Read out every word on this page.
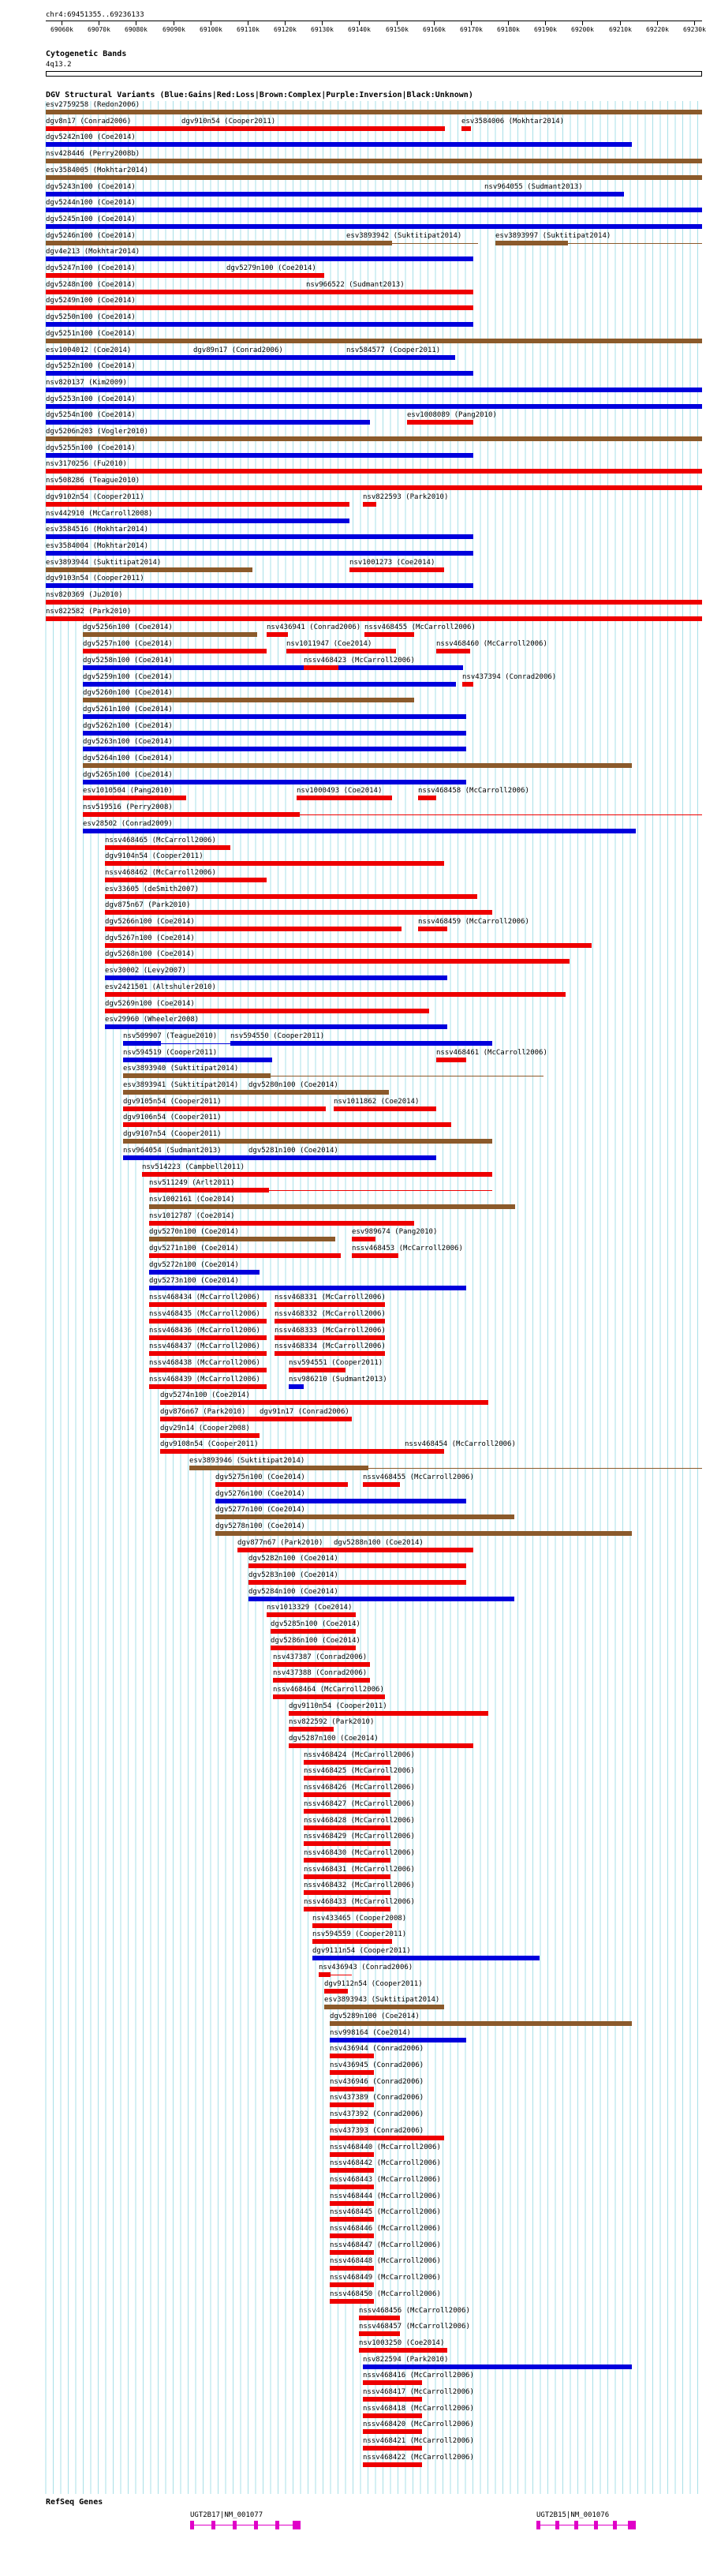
chr4:69451355..69236133
69060k 69070k 69080k 69090k 69100k 69110k 69120k 69130k 69140k 69150k 69160k 69170k 69180k 69190k 69200k 69210k 69220k 69230k
Cytogenetic Bands
4q13.2
DGV Structural Variants (Blue:Gains|Red:Loss|Brown:Complex|Purple:Inversion|Black:Unknown)
esv2759258 (Redon2006)
dgv8n17 (Conrad2006)	dgv910n54 (Cooper2011)	esv3584006 (Mokhtar2014)
dgv5242n100 (Coe2014)
nsv428446 (Perry2008b)
esv3584005 (Mokhtar2014)
dgv5243n100 (Coe2014)	nsv964055 (Sudmant2013)
dgv5244n100 (Coe2014)
dgv5245n100 (Coe2014)
dgv5246n100 (Coe2014)	esv3893942 (Suktitipat2014)	esv3893997 (Suktitipat2014)
dgv4e213 (Mokhtar2014)
dgv5247n100 (Coe2014)	dgv5279n100 (Coe2014)
dgv5248n100 (Coe2014)	nsv966522 (Sudmant2013)
dgv5249n100 (Coe2014)
dgv5250n100 (Coe2014)
dgv5251n100 (Coe2014)
esv1004012 (Coe2014)	dgv89n17 (Conrad2006)	nsv584577 (Cooper2011)
dgv5252n100 (Coe2014)
nsv820137 (Kim2009)
dgv5253n100 (Coe2014)
dgv5254n100 (Coe2014)	esv1008089 (Pang2010)
dgv5206n203 (Vogler2010)
dgv5255n100 (Coe2014)
nsv3170256 (Fu2010)
nsv508286 (Teague2010)
dgv9102n54 (Cooper2011)	nsv822593 (Park2010)
nsv442910 (McCarroll2008)
esv3584516 (Mokhtar2014)
esv3584004 (Mokhtar2014)
esv3893944 (Suktitipat2014)	nsv1001273 (Coe2014)
dgv9103n54 (Cooper2011)
nsv820369 (Ju2010)
nsv822582 (Park2010)
dgv5256n100 (Coe2014)	nsv436941 (Conrad2006) nssv468455 (McCarroll2006)
dgv5257n100 (Coe2014)	nsv1011947 (Coe2014)	nssv468460 (McCarroll2006)
dgv5258n100 (Coe2014)	nssv468423 (McCarroll2006)
dgv5259n100 (Coe2014)	nsv437394 (Conrad2006)
dgv5260n100 (Coe2014)
dgv5261n100 (Coe2014)
dgv5262n100 (Coe2014)
dgv5263n100 (Coe2014)
dgv5264n100 (Coe2014)
dgv5265n100 (Coe2014)
esv1010504 (Pang2010)	nsv1000493 (Coe2014)	nssv468458 (McCarroll2006)
nsv519516 (Perry2008)
esv28502 (Conrad2009)
nssv468465 (McCarroll2006)
dgv9104n54 (Cooper2011)
nssv468462 (McCarroll2006)
esv33605 (deSmith2007)
dgv875n67 (Park2010)
dgv5266n100 (Coe2014)	nssv468459 (McCarroll2006)
dgv5267n100 (Coe2014)
dgv5268n100 (Coe2014)
esv30002 (Levy2007)
esv2421501 (Altshuler2010)
dgv5269n100 (Coe2014)
esv29960 (Wheeler2008)
nsv509907 (Teague2010) nsv594550 (Cooper2011)
nsv594519 (Cooper2011)	nssv468461 (McCarroll2006)
esv3893940 (Suktitipat2014)
esv3893941 (Suktitipat2014) dgv5280n100 (Coe2014)
dgv9105n54 (Cooper2011)	nsv1011862 (Coe2014)
dgv9106n54 (Cooper2011)
dgv9107n54 (Cooper2011)
nsv964054 (Sudmant2013)	dgv5281n100 (Coe2014)
nsv514223 (Campbell2011)
nsv511249 (Arlt2011)
nsv1002161 (Coe2014)
nsv1012787 (Coe2014)
dgv5270n100 (Coe2014)	esv989674 (Pang2010)
dgv5271n100 (Coe2014)	nssv468453 (McCarroll2006)
dgv5272n100 (Coe2014)
dgv5273n100 (Coe2014)
nssv468434 (McCarroll2006) nssv468331 (McCarroll2006)
nssv468435 (McCarroll2006) nssv468332 (McCarroll2006)
nssv468436 (McCarroll2006) nssv468333 (McCarroll2006)
nssv468437 (McCarroll2006) nssv468334 (McCarroll2006)
nssv468438 (McCarroll2006)	nsv594551 (Cooper2011)
nssv468439 (McCarroll2006)	nsv986210 (Sudmant2013)
dgv5274n100 (Coe2014)
dgv876n67 (Park2010) dgv91n17 (Conrad2006)
dgv29n14 (Cooper2008)
dgv9108n54 (Cooper2011)	nssv468454 (McCarroll2006)
esv3893946 (Suktitipat2014)
dgv5275n100 (Coe2014)	nssv468455 (McCarroll2006)
dgv5276n100 (Coe2014)
dgv5277n100 (Coe2014)
dgv5278n100 (Coe2014)
dgv877n67 (Park2010) dgv5288n100 (Coe2014)
dgv5282n100 (Coe2014)
dgv5283n100 (Coe2014)
dgv5284n100 (Coe2014)
nsv1013329 (Coe2014)
dgv5285n100 (Coe2014)
dgv5286n100 (Coe2014)
nsv437387 (Conrad2006)
nsv437388 (Conrad2006)
nssv468464 (McCarroll2006)
dgv9110n54 (Cooper2011)
nsv822592 (Park2010)
dgv5287n100 (Coe2014)
nssv468424 (McCarroll2006)
nssv468425 (McCarroll2006)
nssv468426 (McCarroll2006)
nssv468427 (McCarroll2006)
nssv468428 (McCarroll2006)
nssv468429 (McCarroll2006)
nssv468430 (McCarroll2006)
nssv468431 (McCarroll2006)
nssv468432 (McCarroll2006)
nssv468433 (McCarroll2006)
nsv433465 (Cooper2008)
nsv594559 (Cooper2011)
dgv9111n54 (Cooper2011)
nsv436943 (Conrad2006)
dgv9112n54 (Cooper2011)
esv3893943 (Suktitipat2014)
dgv5289n100 (Coe2014)
nsv998164 (Coe2014)
nsv436944 (Conrad2006)
nsv436945 (Conrad2006)
nsv436946 (Conrad2006)
nsv437389 (Conrad2006)
nsv437392 (Conrad2006)
nsv437393 (Conrad2006)
nssv468440 (McCarroll2006)
nssv468442 (McCarroll2006)
nssv468443 (McCarroll2006)
nssv468444 (McCarroll2006)
nssv468445 (McCarroll2006)
nssv468446 (McCarroll2006)
nssv468447 (McCarroll2006)
nssv468448 (McCarroll2006)
nssv468449 (McCarroll2006)
nssv468450 (McCarroll2006)
nssv468456 (McCarroll2006)
nssv468457 (McCarroll2006)
nsv1003250 (Coe2014)
nsv822594 (Park2010)
nssv468416 (McCarroll2006)
nssv468417 (McCarroll2006)
nssv468418 (McCarroll2006)
nssv468420 (McCarroll2006)
nssv468421 (McCarroll2006)
nssv468422 (McCarroll2006)
RefSeq Genes
UGT2B17|NM_001077	UGT2B15|NM_001076
